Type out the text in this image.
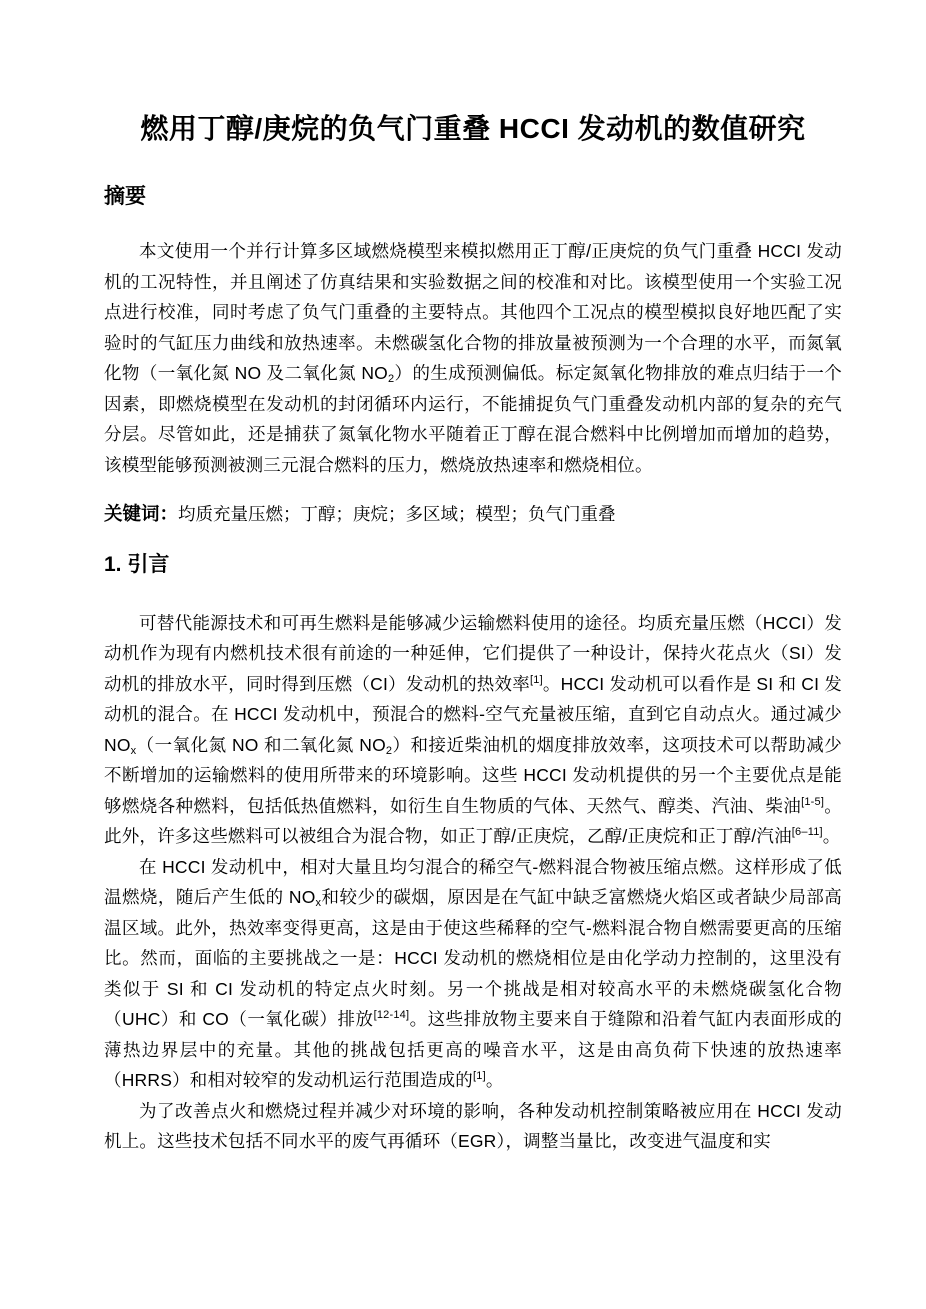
燃用丁醇/庚烷的负气门重叠 HCCI 发动机的数值研究
摘要

本文使用一个并行计算多区域燃烧模型来模拟燃用正丁醇/正庚烷的负气门重叠 HCCI 发动机的工况特性，并且阐述了仿真结果和实验数据之间的校准和对比。该模型使用一个实验工况点进行校准，同时考虑了负气门重叠的主要特点。其他四个工况点的模型模拟良好地匹配了实验时的气缸压力曲线和放热速率。未燃碳氢化合物的排放量被预测为一个合理的水平，而氮氧化物（一氧化氮 NO 及二氧化氮 $NO_2$）的生成预测偏低。标定氮氧化物排放的难点归结于一个因素，即燃烧模型在发动机的封闭循环内运行，不能捕捉负气门重叠发动机内部的复杂的充气分层。尽管如此，还是捕获了氮氧化物水平随着正丁醇在混合燃料中比例增加而增加的趋势，该模型能够预测被测三元混合燃料的压力，燃烧放热速率和燃烧相位。

关键词：均质充量压燃；丁醇；庚烷；多区域；模型；负气门重叠

1. 引言

可替代能源技术和可再生燃料是能够减少运输燃料使用的途径。均质充量压燃（HCCI）发动机作为现有内燃机技术很有前途的一种延伸，它们提供了一种设计，保持火花点火（SI）发动机的排放水平，同时得到压燃（CI）发动机的热效率[1]。HCCI 发动机可以看作是 SI 和 CI 发动机的混合。在 HCCI 发动机中，预混合的燃料-空气充量被压缩，直到它自动点火。通过减少 $NO_x$（一氧化氮 NO 和二氧化氮 $NO_2$）和接近柴油机的烟度排放效率，这项技术可以帮助减少不断增加的运输燃料的使用所带来的环境影响。这些 HCCI 发动机提供的另一个主要优点是能够燃烧各种燃料，包括低热值燃料，如衍生自生物质的气体、天然气、醇类、汽油、柴油[1-5]。此外，许多这些燃料可以被组合为混合物，如正丁醇/正庚烷，乙醇/正庚烷和正丁醇/汽油[6–11]。

在 HCCI 发动机中，相对大量且均匀混合的稀空气-燃料混合物被压缩点燃。这样形成了低温燃烧，随后产生低的 $NO_x$和较少的碳烟，原因是在气缸中缺乏富燃烧火焰区或者缺少局部高温区域。此外，热效率变得更高，这是由于使这些稀释的空气-燃料混合物自燃需要更高的压缩比。然而，面临的主要挑战之一是：HCCI 发动机的燃烧相位是由化学动力控制的，这里没有类似于 SI 和 CI 发动机的特定点火时刻。另一个挑战是相对较高水平的未燃烧碳氢化合物（UHC）和 CO（一氧化碳）排放[12-14]。这些排放物主要来自于缝隙和沿着气缸内表面形成的薄热边界层中的充量。其他的挑战包括更高的噪音水平，这是由高负荷下快速的放热速率（HRRS）和相对较窄的发动机运行范围造成的[1]。

为了改善点火和燃烧过程并减少对环境的影响，各种发动机控制策略被应用在 HCCI 发动机上。这些技术包括不同水平的废气再循环（EGR），调整当量比，改变进气温度和实
